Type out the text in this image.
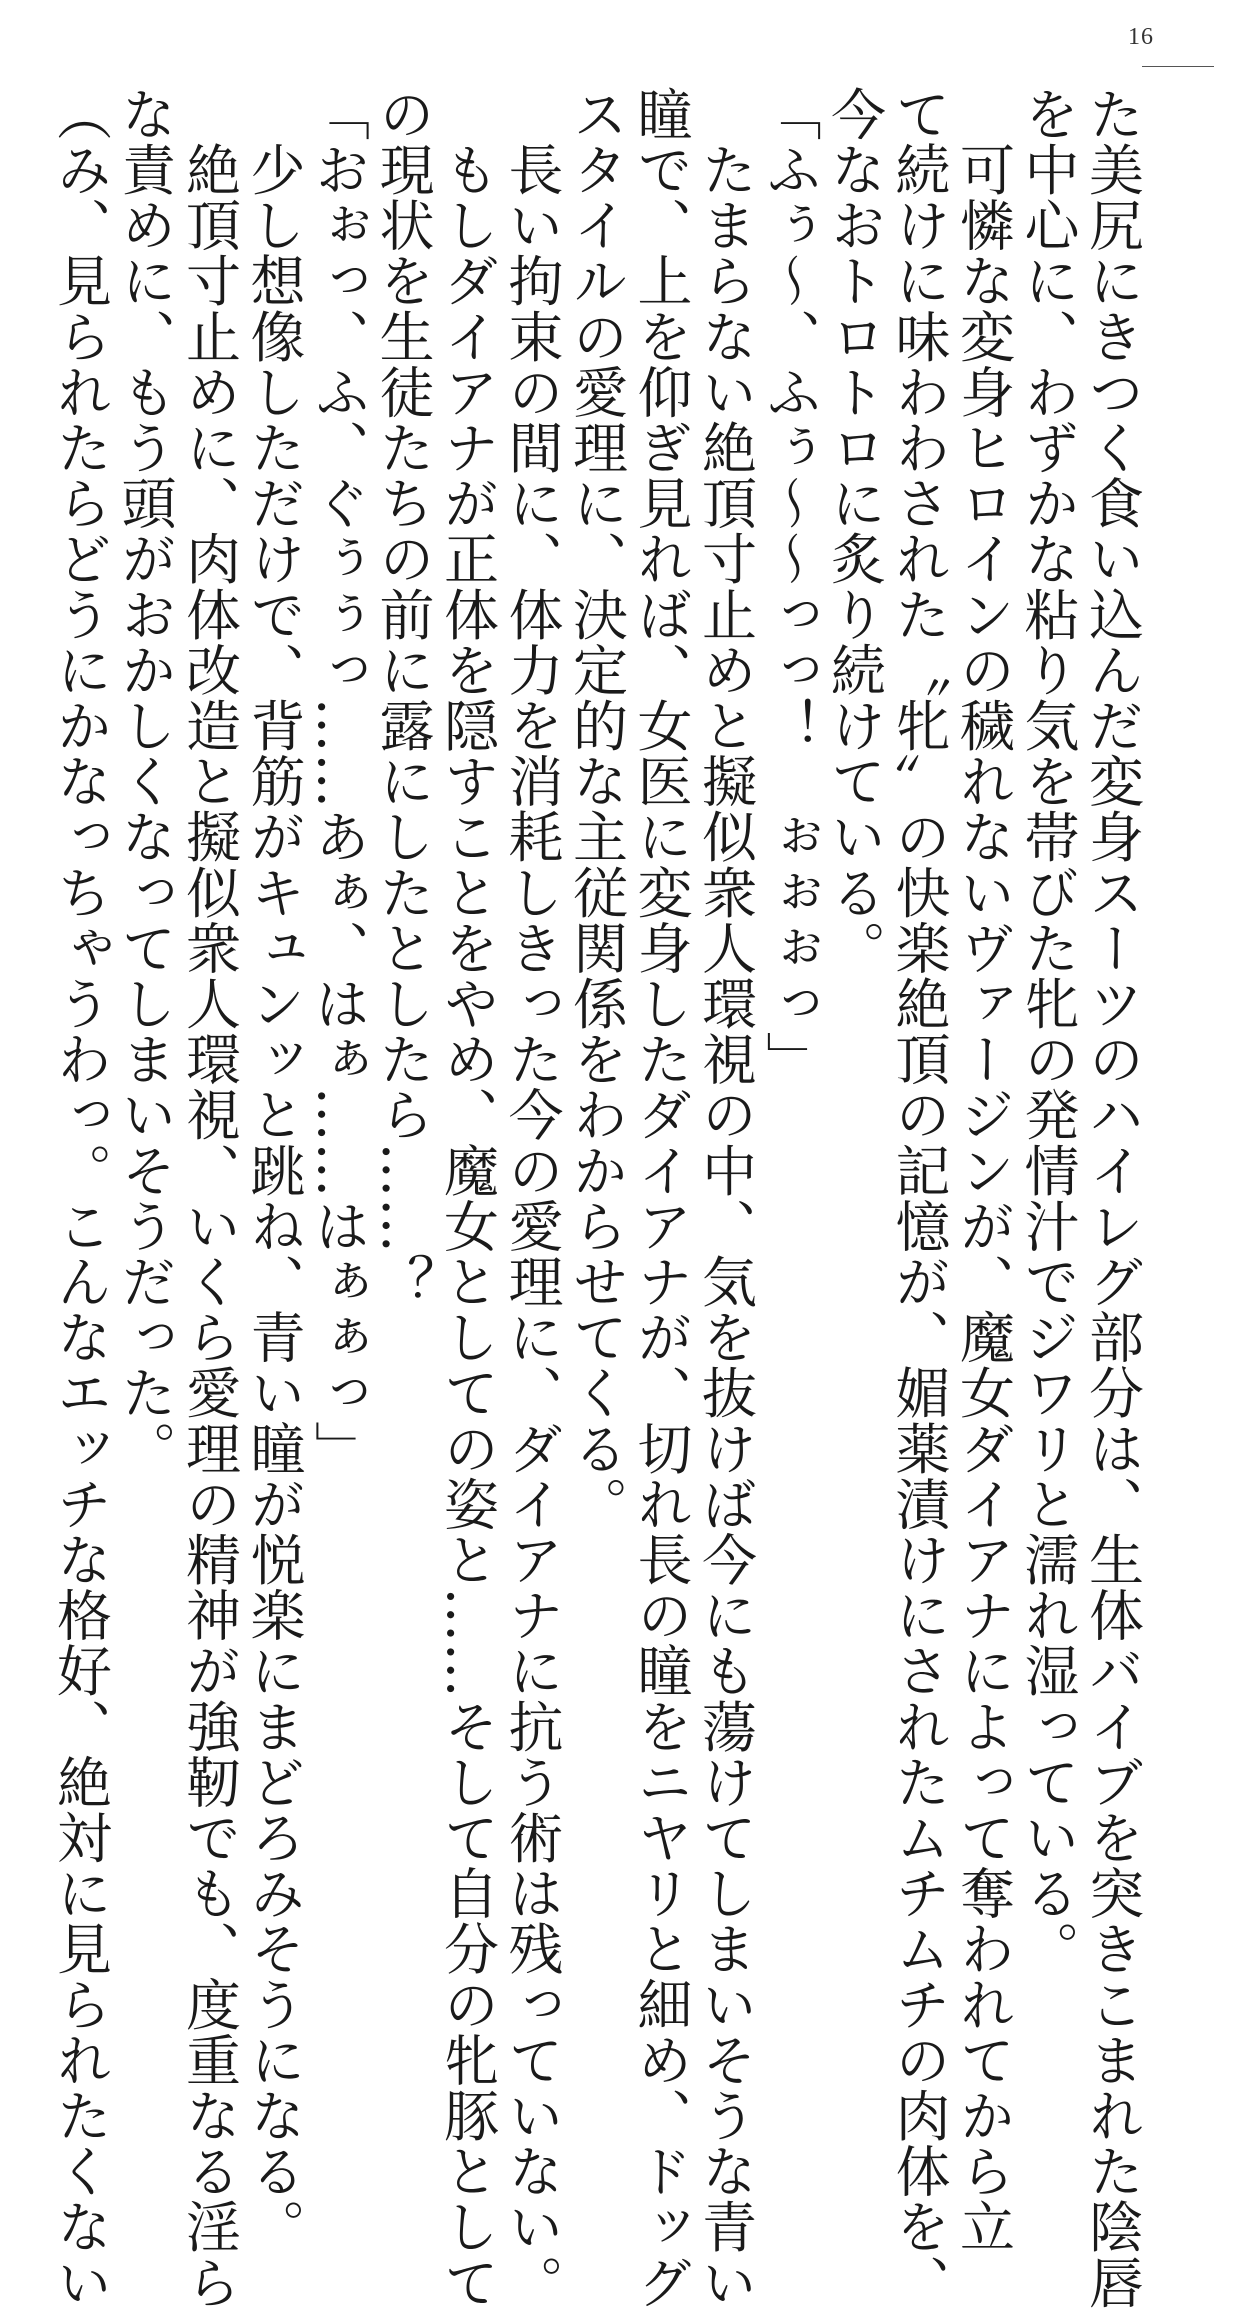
16
た美尻にきつく食い込んだ変身スーツのハイレグ部分は、生体バイブを突きこまれた陰唇
を中心に、わずかな粘り気を帯びた牝の発情汁でジワリと濡れ湿っている。
　可憐な変身ヒロインの穢れないヴァージンが、魔女ダイアナによって奪われてから立
て続けに味わわされた〝牝〟の快楽絶頂の記憶が、媚薬漬けにされたムチムチの肉体を、
今なおトロトロに炙り続けている。
「ふぅ〜、ふぅ〜〜っっ！　ぉぉぉっ」
　たまらない絶頂寸止めと擬似衆人環視の中、気を抜けば今にも蕩けてしまいそうな青い
瞳で、上を仰ぎ見れば、女医に変身したダイアナが、切れ長の瞳をニヤリと細め、ドッグ
スタイルの愛理に、決定的な主従関係をわからせてくる。
　長い拘束の間に、体力を消耗しきった今の愛理に、ダイアナに抗う術は残っていない。
　もしダイアナが正体を隠すことをやめ、魔女としての姿と……そして自分の牝豚として
の現状を生徒たちの前に露にしたとしたら……？
「おぉっ、ふ、ぐぅぅっ……あぁ、はぁ……はぁぁっ」
　少し想像しただけで、背筋がキュンッと跳ね、青い瞳が悦楽にまどろみそうになる。
　絶頂寸止めに、肉体改造と擬似衆人環視、いくら愛理の精神が強靭でも、度重なる淫ら
な責めに、もう頭がおかしくなってしまいそうだった。
（み、見られたらどうにかなっちゃうわっ。こんなエッチな格好、絶対に見られたくない
